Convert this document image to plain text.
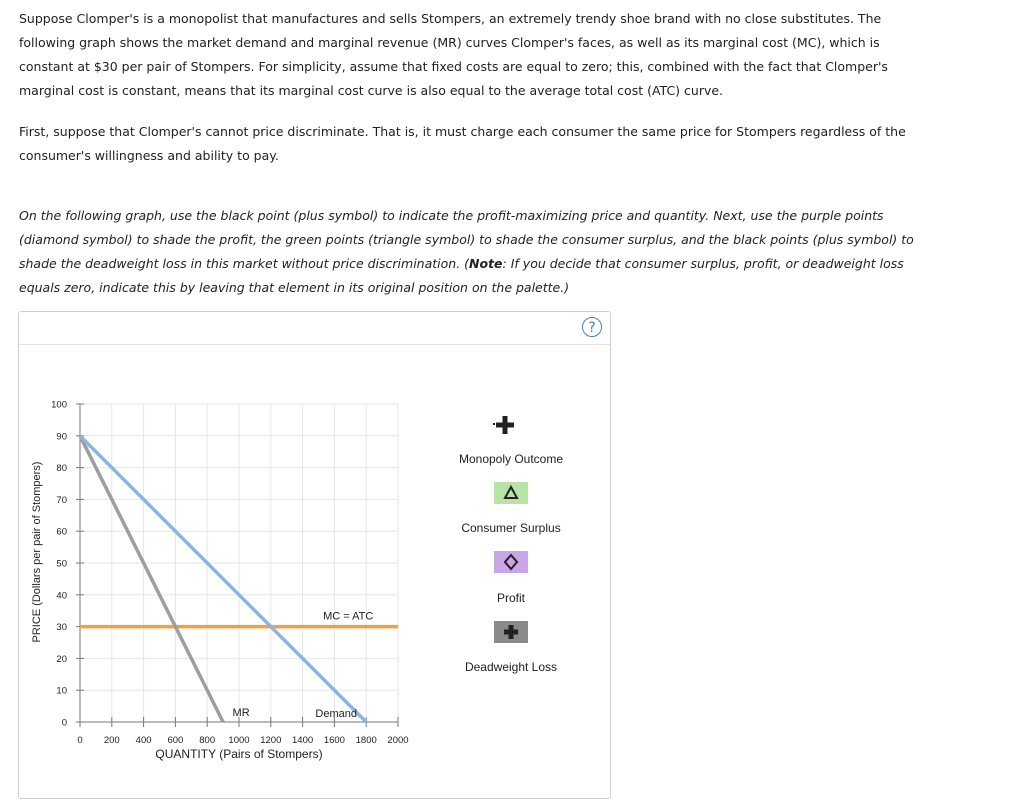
Suppose Clomper's is a monopolist that manufactures and sells Stompers, an extremely trendy shoe brand with no close substitutes. The following graph shows the market demand and marginal revenue (MR) curves Clomper's faces, as well as its marginal cost (MC), which is constant at $30 per pair of Stompers. For simplicity, assume that fixed costs are equal to zero; this, combined with the fact that Clomper's marginal cost is constant, means that its marginal cost curve is also equal to the average total cost (ATC) curve.

First, suppose that Clomper's cannot price discriminate. That is, it must charge each consumer the same price for Stompers regardless of the consumer's willingness and ability to pay.

On the following graph, use the black point (plus symbol) to indicate the profit-maximizing price and quantity. Next, use the purple points (diamond symbol) to shade the profit, the green points (triangle symbol) to shade the consumer surplus, and the black points (plus symbol) to shade the deadweight loss in this market without price discrimination. (Note: If you decide that consumer surplus, profit, or deadweight loss equals zero, indicate this by leaving that element in its original position on the palette.)

?
0 200 400 600 800 1000 1200 1400 1600 1800 2000
0
10
20
30
40
50
60
70
80
90
100
Demand
MR
MC = ATC
QUANTITY (Pairs of Stompers)
PRICE (Dollars per pair of Stompers)
Monopoly Outcome
Consumer Surplus
Profit
Deadweight Loss
